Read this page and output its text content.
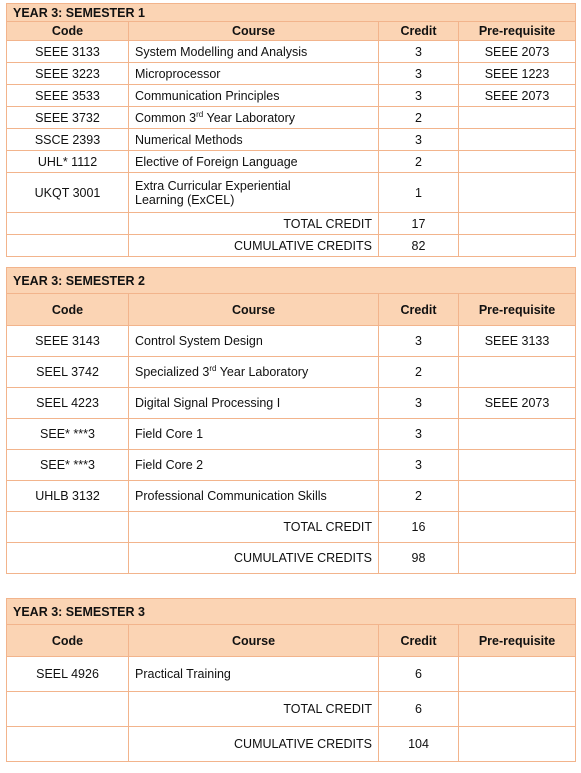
YEAR 3: SEMESTER 1			
Code	Course	Credit	Pre-requisite
SEEE 3133	System Modelling and Analysis	3	SEEE 2073
SEEE 3223	Microprocessor	3	SEEE 1223
SEEE 3533	Communication Principles	3	SEEE 2073
SEEE 3732	Common 3rd Year Laboratory	2	
SSCE 2393	Numerical Methods	3	
UHL* 1112	Elective of Foreign Language	2	
UKQT 3001	Extra Curricular Experiential
Learning (ExCEL)	1	
	TOTAL CREDIT	17	
	CUMULATIVE CREDITS	82	
YEAR 3: SEMESTER 2			
Code	Course	Credit	Pre-requisite
SEEE 3143	Control System Design	3	SEEE 3133
SEEL 3742	Specialized 3rd Year Laboratory	2	
SEEL 4223	Digital Signal Processing I	3	SEEE 2073
SEE* ***3	Field Core 1	3	
SEE* ***3	Field Core 2	3	
UHLB 3132	Professional Communication Skills	2	
	TOTAL CREDIT	16	
	CUMULATIVE CREDITS	98	
YEAR 3: SEMESTER 3			
Code	Course	Credit	Pre-requisite
SEEL 4926	Practical Training	6	
	TOTAL CREDIT	6	
	CUMULATIVE CREDITS	104	
